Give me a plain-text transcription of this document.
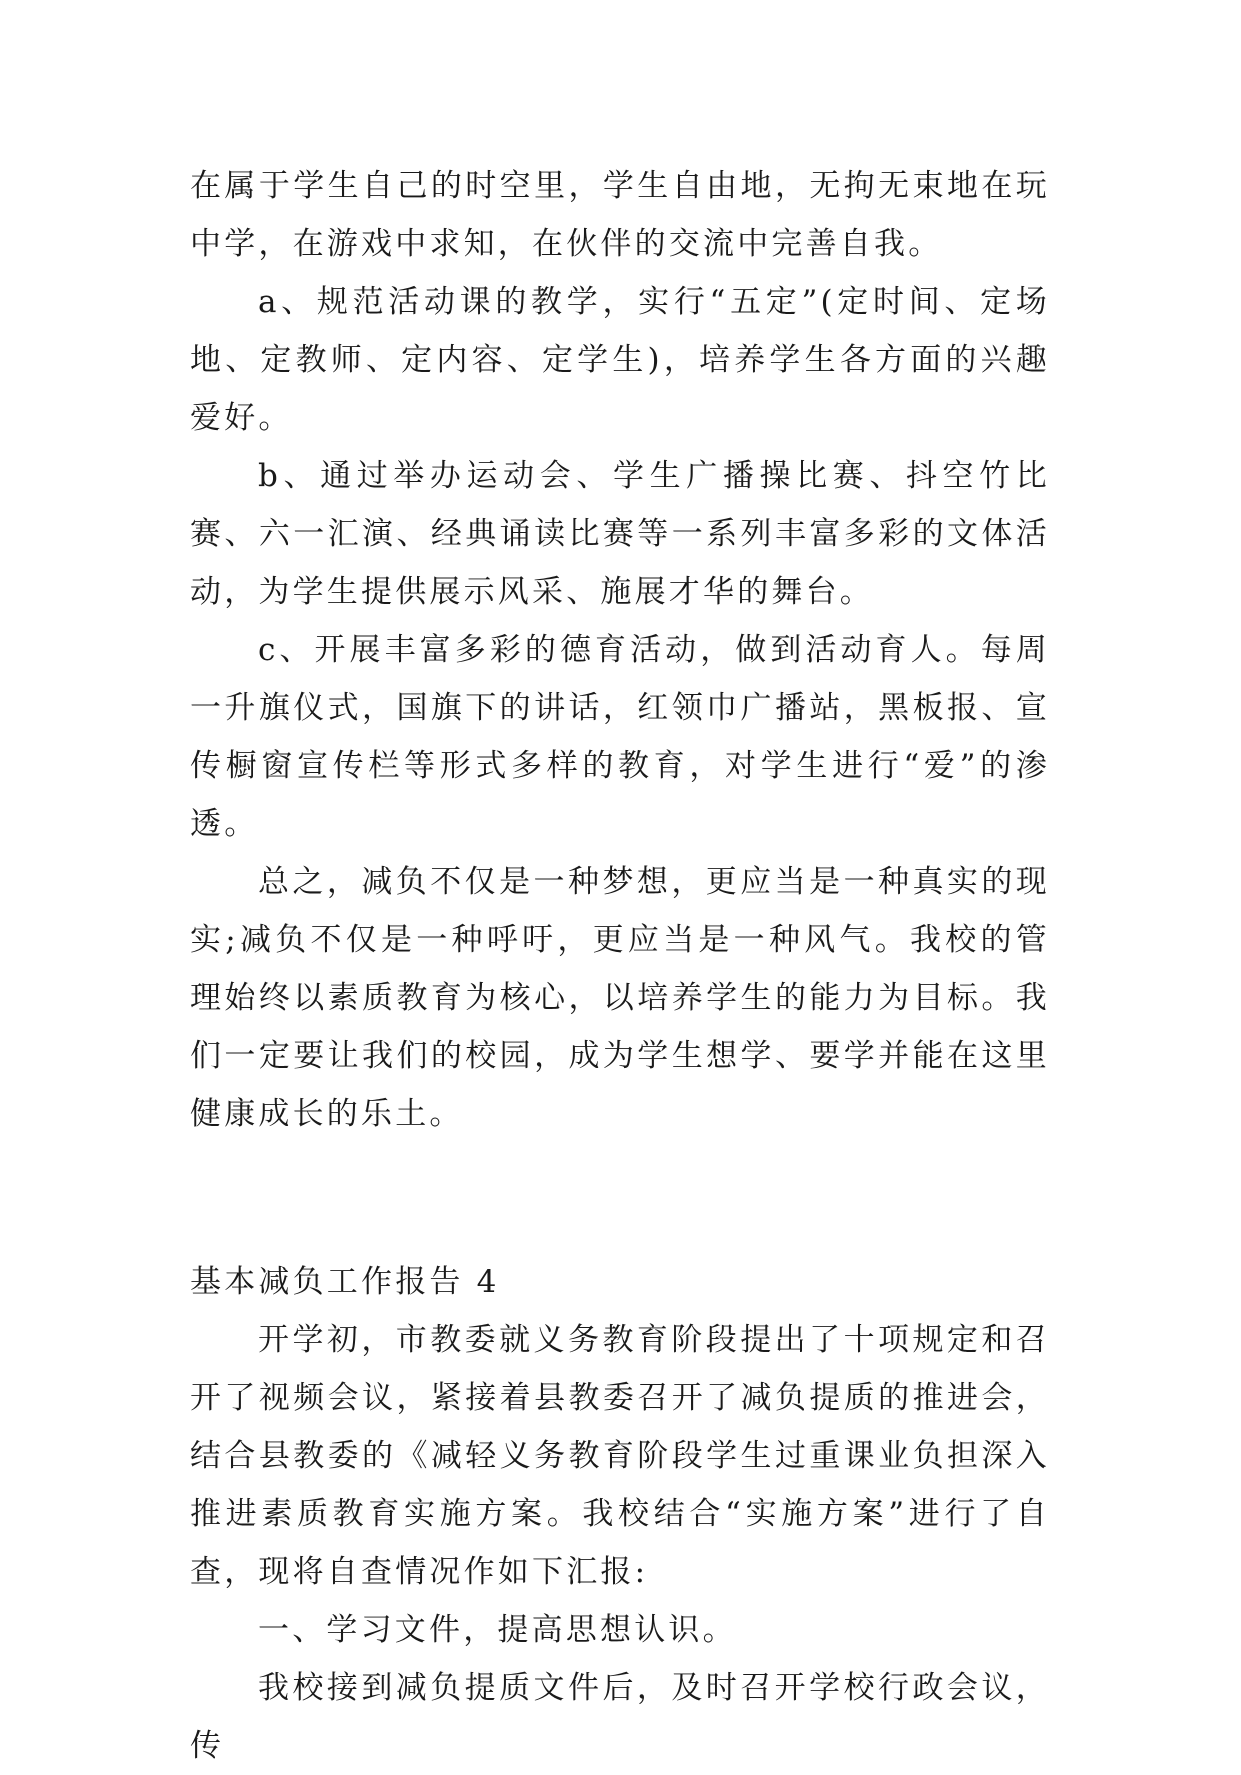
在属于学生自己的时空里，学生自由地，无拘无束地在玩中学，在游戏中求知，在伙伴的交流中完善自我。

a、规范活动课的教学，实行“五定”(定时间、定场地、定教师、定内容、定学生)，培养学生各方面的兴趣爱好。

b、通过举办运动会、学生广播操比赛、抖空竹比赛、六一汇演、经典诵读比赛等一系列丰富多彩的文体活动，为学生提供展示风采、施展才华的舞台。

c、开展丰富多彩的德育活动，做到活动育人。每周一升旗仪式，国旗下的讲话，红领巾广播站，黑板报、宣传橱窗宣传栏等形式多样的教育，对学生进行“爱”的渗透。

总之，减负不仅是一种梦想，更应当是一种真实的现实;减负不仅是一种呼吁，更应当是一种风气。我校的管理始终以素质教育为核心，以培养学生的能力为目标。我们一定要让我们的校园，成为学生想学、要学并能在这里健康成长的乐土。

基本减负工作报告 4

开学初，市教委就义务教育阶段提出了十项规定和召开了视频会议，紧接着县教委召开了减负提质的推进会，结合县教委的《减轻义务教育阶段学生过重课业负担深入推进素质教育实施方案。我校结合“实施方案”进行了自查，现将自查情况作如下汇报:

一、学习文件，提高思想认识。

我校接到减负提质文件后，及时召开学校行政会议，传
